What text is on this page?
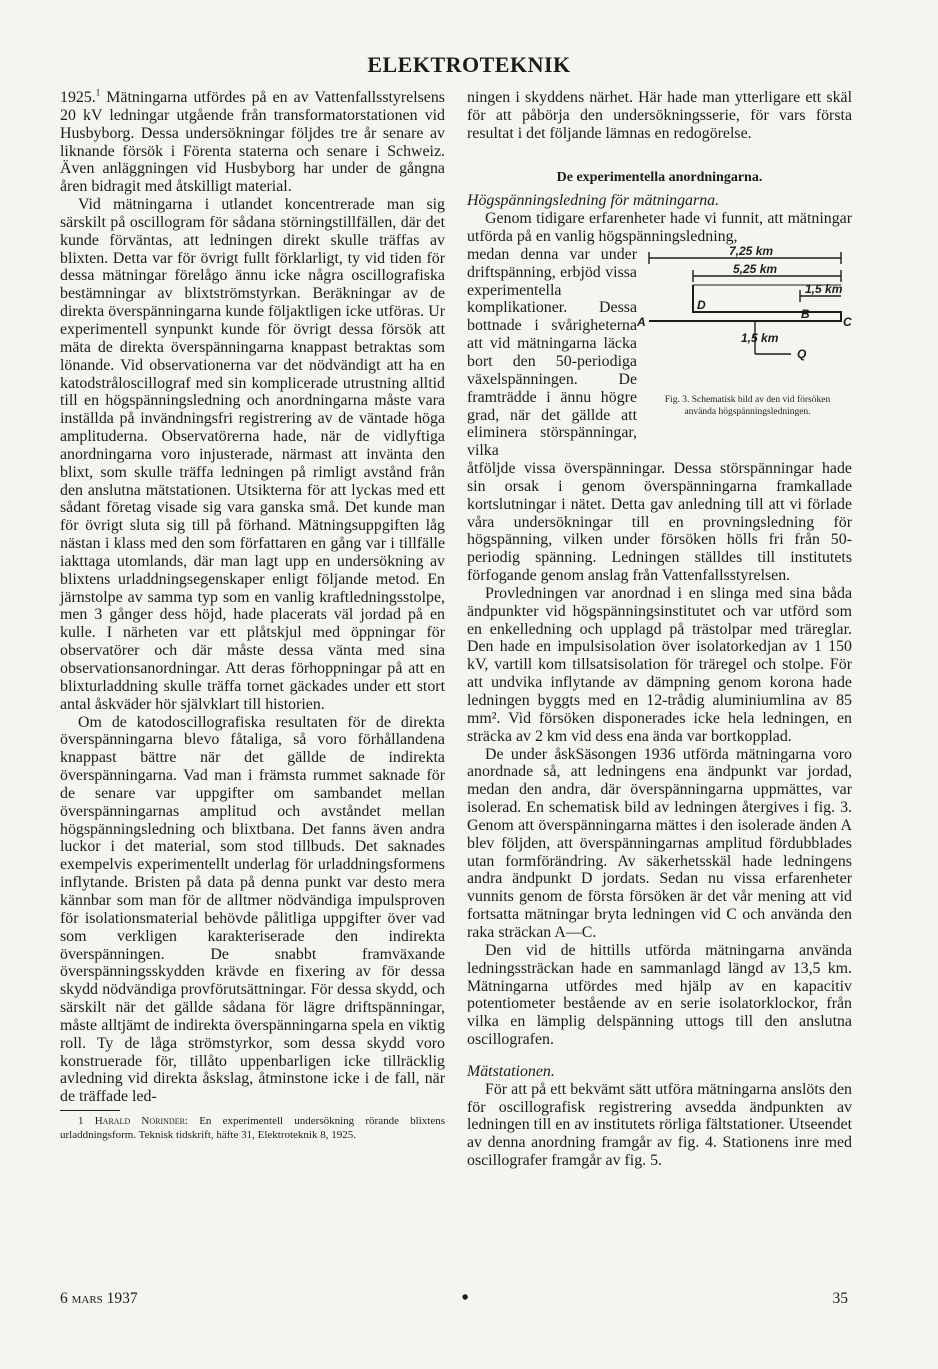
ELEKTROTEKNIK

1925.$^1$ Mätningarna utfördes på en av Vattenfallsstyrelsens 20 kV ledningar utgående från transformatorstationen vid Husbyborg. Dessa undersökningar följdes tre år senare av liknande försök i Förenta staterna och senare i Schweiz. Även anläggningen vid Husbyborg har under de gångna åren bidragit med åtskilligt material.

Vid mätningarna i utlandet koncentrerade man sig särskilt på oscillogram för sådana störningstillfällen, där det kunde förväntas, att ledningen direkt skulle träffas av blixten. Detta var för övrigt fullt förklarligt, ty vid tiden för dessa mätningar förelågo ännu icke några oscillografiska bestämningar av blixtströmstyrkan. Beräkningar av de direkta överspänningarna kunde följaktligen icke utföras. Ur experimentell synpunkt kunde för övrigt dessa försök att mäta de direkta överspänningarna knappast betraktas som lönande. Vid observationerna var det nödvändigt att ha en katodstråloscillograf med sin komplicerade utrustning alltid till en högspänningsledning och anordningarna måste vara inställda på invändningsfri registrering av de väntade höga amplituderna. Observatörerna hade, när de vidlyftiga anordningarna voro injusterade, närmast att invänta den blixt, som skulle träffa ledningen på rimligt avstånd från den anslutna mätstationen. Utsikterna för att lyckas med ett sådant företag visade sig vara ganska små. Det kunde man för övrigt sluta sig till på förhand. Mätningsuppgiften låg nästan i klass med den som författaren en gång var i tillfälle iakttaga utomlands, där man lagt upp en undersökning av blixtens urladdningsegenskaper enligt följande metod. En järnstolpe av samma typ som en vanlig kraftledningsstolpe, men 3 gånger dess höjd, hade placerats väl jordad på en kulle. I närheten var ett plåtskjul med öppningar för observatörer och där måste dessa vänta med sina observationsanordningar. Att deras förhoppningar på att en blixturladdning skulle träffa tornet gäckades under ett stort antal åskväder hör självklart till historien.

Om de katodoscillografiska resultaten för de direkta överspänningarna blevo fåtaliga, så voro förhållandena knappast bättre när det gällde de indirekta överspänningarna. Vad man i främsta rummet saknade för de senare var uppgifter om sambandet mellan överspänningarnas amplitud och avståndet mellan högspänningsledning och blixtbana. Det fanns även andra luckor i det material, som stod tillbuds. Det saknades exempelvis experimentellt underlag för urladdningsformens inflytande. Bristen på data på denna punkt var desto mera kännbar som man för de alltmer nödvändiga impulsproven för isolationsmaterial behövde pålitliga uppgifter över vad som verkligen karakteriserade den indirekta överspänningen. De snabbt framväxande överspänningsskydden krävde en fixering av för dessa skydd nödvändiga provförutsättningar. För dessa skydd, och särskilt när det gällde sådana för lägre driftspänningar, måste alltjämt de indirekta överspänningarna spela en viktig roll. Ty de låga strömstyrkor, som dessa skydd voro konstruerade för, tillåto uppenbarligen icke tillräcklig avledning vid direkta åskslag, åtminstone icke i de fall, när de träffade led-

1 Harald Norinder: En experimentell undersökning rörande blixtens urladdningsform. Teknisk tidskrift, häfte 31, Elektroteknik 8, 1925.

ningen i skyddens närhet. Här hade man ytterligare ett skäl för att påbörja den undersökningsserie, för vars första resultat i det följande lämnas en redogörelse.

De experimentella anordningarna.

Högspänningsledning för mätningarna.

Genom tidigare erfarenheter hade vi funnit, att mätningar utförda på en vanlig högspänningsledning,

medan denna var under driftspänning, erbjöd vissa experimentella komplikationer. Dessa bottnade i svårigheterna att vid mätningarna läcka bort den 50-periodiga växelspänningen. De framträdde i ännu högre grad, när det gällde att eliminera störspänningar, vilka

7,25 km
5,25 km
1,5 km
D
A
B
C
1,5 km
Q
Fig. 3. Schematisk bild av den vid försöken använda högspänningsledningen.

åtföljde vissa överspänningar. Dessa störspänningar hade sin orsak i genom överspänningarna framkallade kortslutningar i nätet. Detta gav anledning till att vi förlade våra undersökningar till en provningsledning för högspänning, vilken under försöken hölls fri från 50-periodig spänning. Ledningen ställdes till institutets förfogande genom anslag från Vattenfallsstyrelsen.

Provledningen var anordnad i en slinga med sina båda ändpunkter vid högspänningsinstitutet och var utförd som en enkelledning och upplagd på trästolpar med träreglar. Den hade en impulsisolation över isolatorkedjan av 1 150 kV, vartill kom tillsatsisolation för träregel och stolpe. För att undvika inflytande av dämpning genom korona hade ledningen byggts med en 12-trådig aluminiumlina av 85 mm². Vid försöken disponerades icke hela ledningen, en sträcka av 2 km vid dess ena ända var bortkopplad.

De under åskSäsongen 1936 utförda mätningarna voro anordnade så, att ledningens ena ändpunkt var jordad, medan den andra, där överspänningarna uppmättes, var isolerad. En schematisk bild av ledningen återgives i fig. 3. Genom att överspänningarna mättes i den isolerade änden A blev följden, att överspänningarnas amplitud fördubblades utan formförändring. Av säkerhetsskäl hade ledningens andra ändpunkt D jordats. Sedan nu vissa erfarenheter vunnits genom de första försöken är det vår mening att vid fortsatta mätningar bryta ledningen vid C och använda den raka sträckan A—C.

Den vid de hittills utförda mätningarna använda ledningssträckan hade en sammanlagd längd av 13,5 km. Mätningarna utfördes med hjälp av en kapacitiv potentiometer bestående av en serie isolatorklockor, från vilka en lämplig delspänning uttogs till den anslutna oscillografen.

Mätstationen.

För att på ett bekvämt sätt utföra mätningarna anslöts den för oscillografisk registrering avsedda ändpunkten av ledningen till en av institutets rörliga fältstationer. Utseendet av denna anordning framgår av fig. 4. Stationens inre med oscillografer framgår av fig. 5.

6 mars 1937	•	35
